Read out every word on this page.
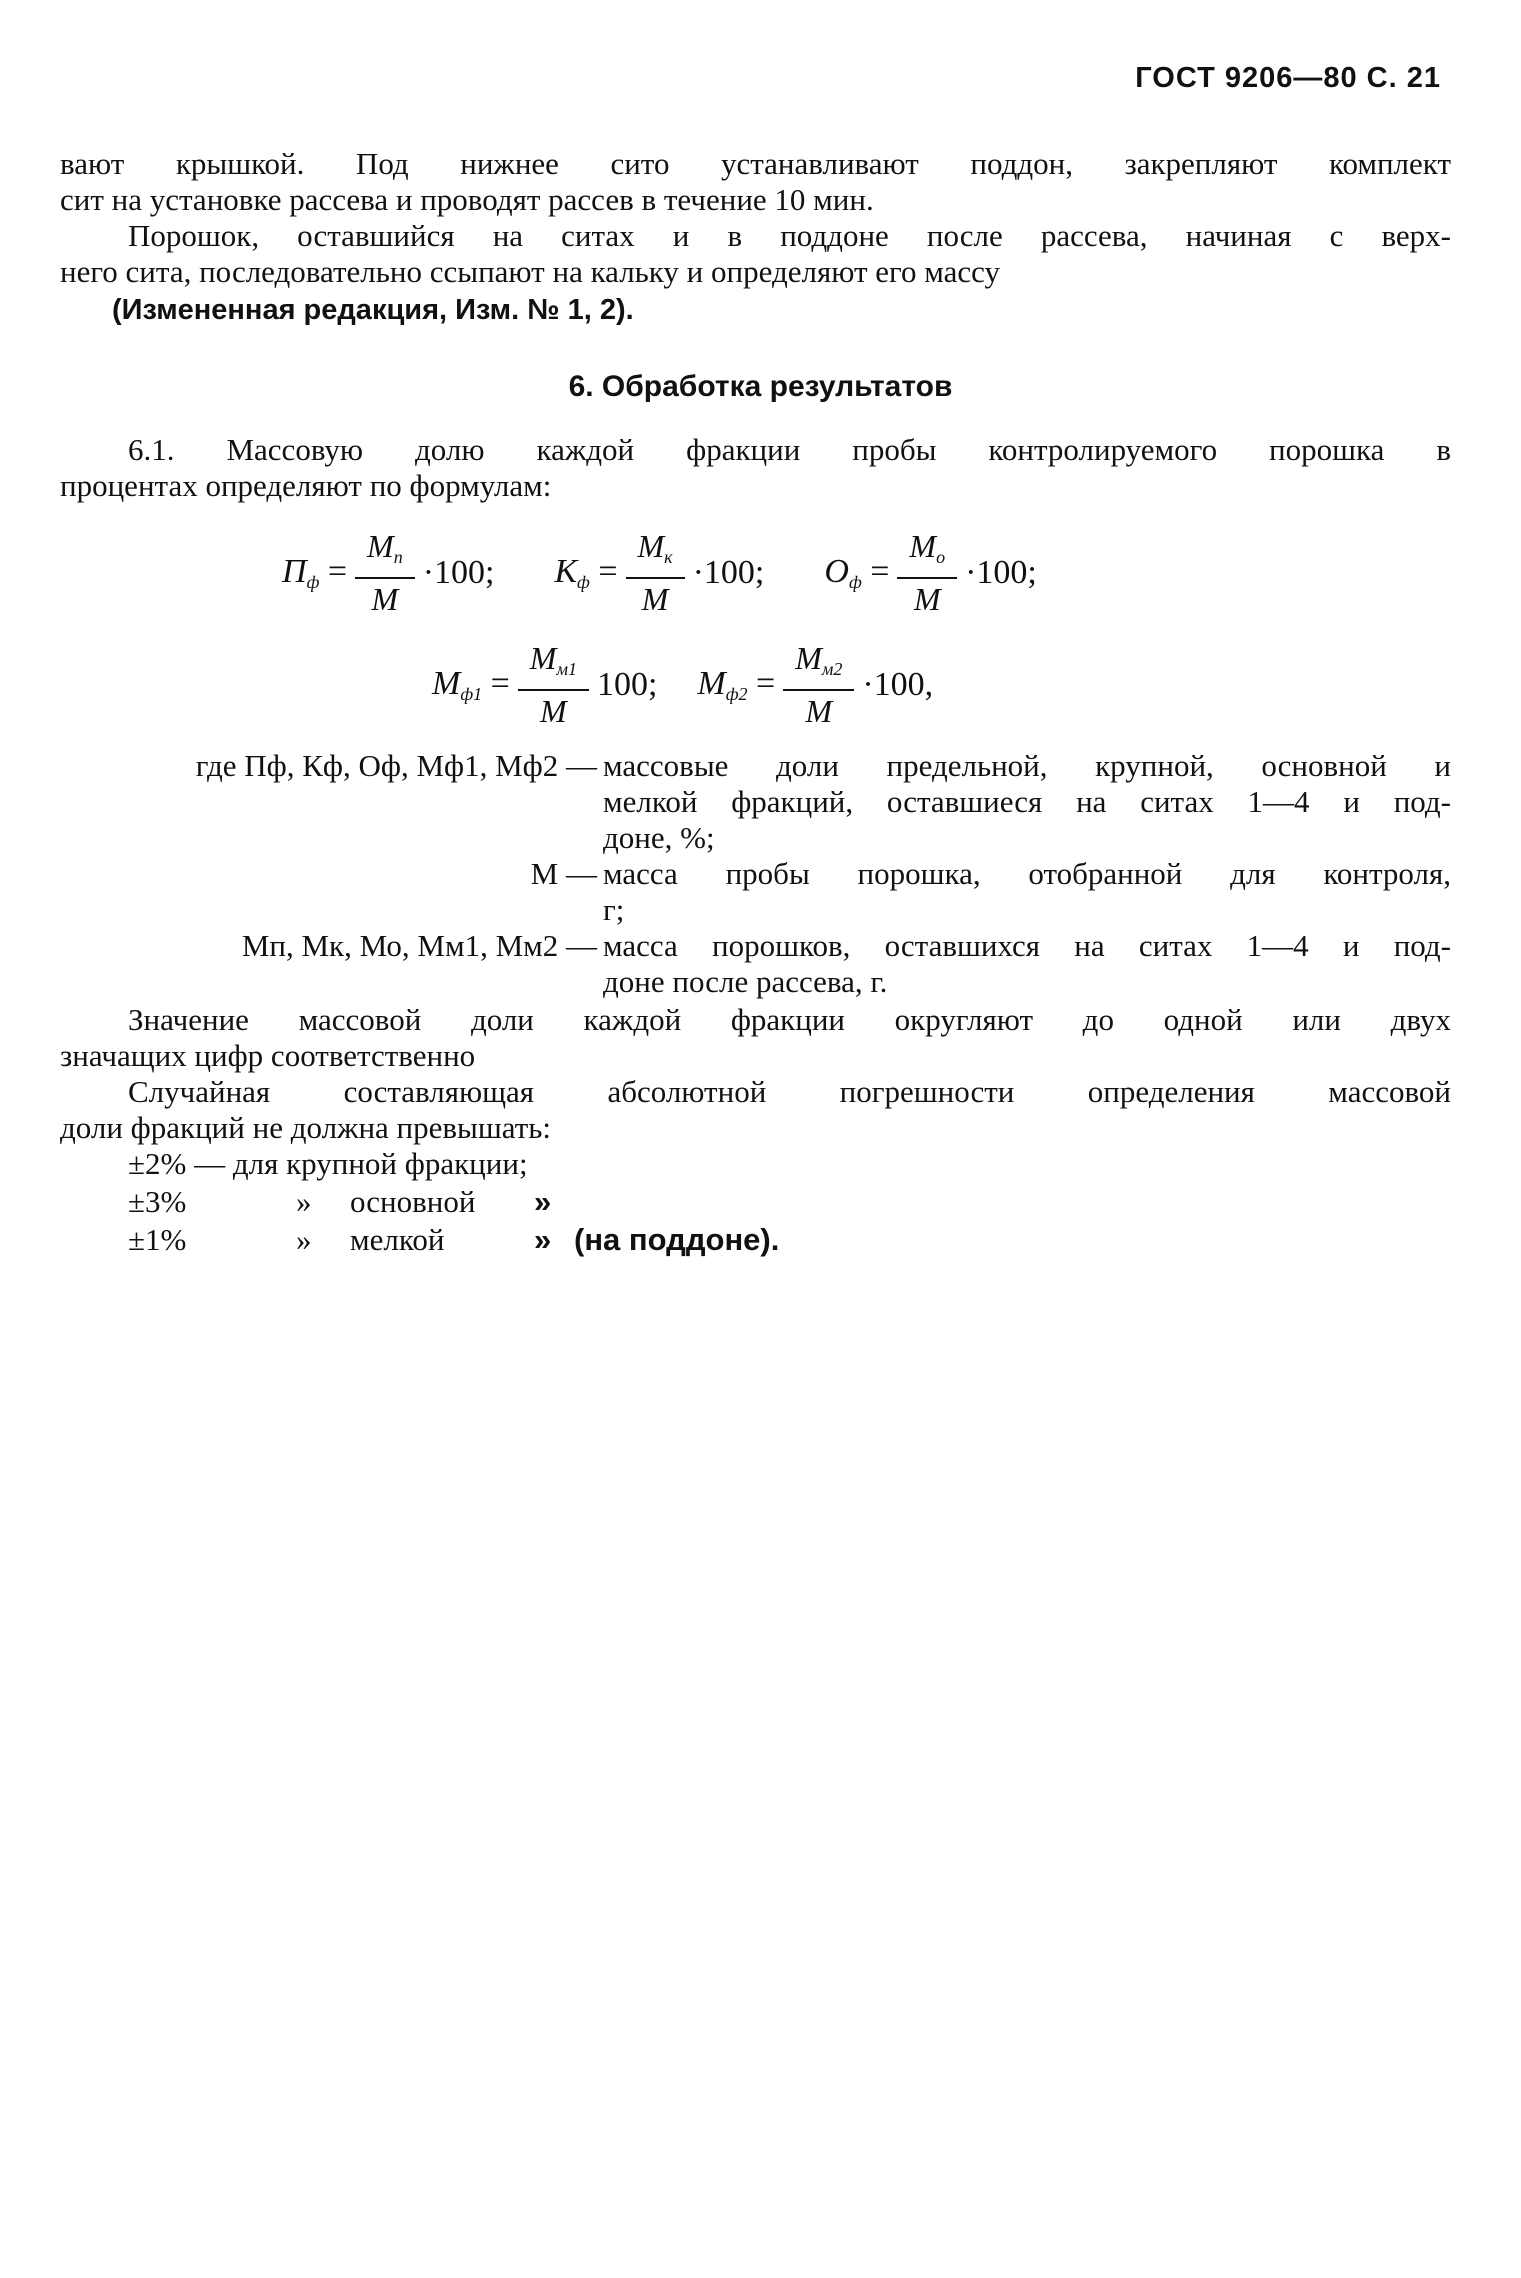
ГОСТ 9206—80 С. 21
вают крышкой. Под нижнее сито устанавливают поддон, закрепляют комплект
сит на установке рассева и проводят рассев в течение 10 мин.
Порошок, оставшийся на ситах и в поддоне после рассева, начиная с верх-
него сита, последовательно ссыпают на кальку и определяют его массу
(Измененная редакция, Изм. № 1, 2).
6. Обработка результатов
6.1. Массовую долю каждой фракции пробы контролируемого порошка в
процентах определяют по формулам:
$П_ф = \frac{М_п}{М} \cdot 100$; $К_ф = \frac{М_к}{М} \cdot 100$; $О_ф = \frac{М_о}{М} \cdot 100$;
$М_{ф1} = \frac{М_{м1}}{М} 100$; $М_{ф2} = \frac{М_{м2}}{М} \cdot 100$,
где Пф, Кф, Оф, Мф1, Мф2 — массовые доли предельной, крупной, основной и
мелкой фракций, оставшиеся на ситах 1—4 и под-
доне, %;
М — масса пробы порошка, отобранной для контроля,
г;
Мп, Мк, Мо, Мм1, Мм2 — масса порошков, оставшихся на ситах 1—4 и под-
доне после рассева, г.
Значение массовой доли каждой фракции округляют до одной или двух
значащих цифр соответственно
Случайная составляющая абсолютной погрешности определения массовой
доли фракций не должна превышать:
±2% — для крупной фракции;
±3%	» основной »
±1%	» мелкой	» (на поддоне).
